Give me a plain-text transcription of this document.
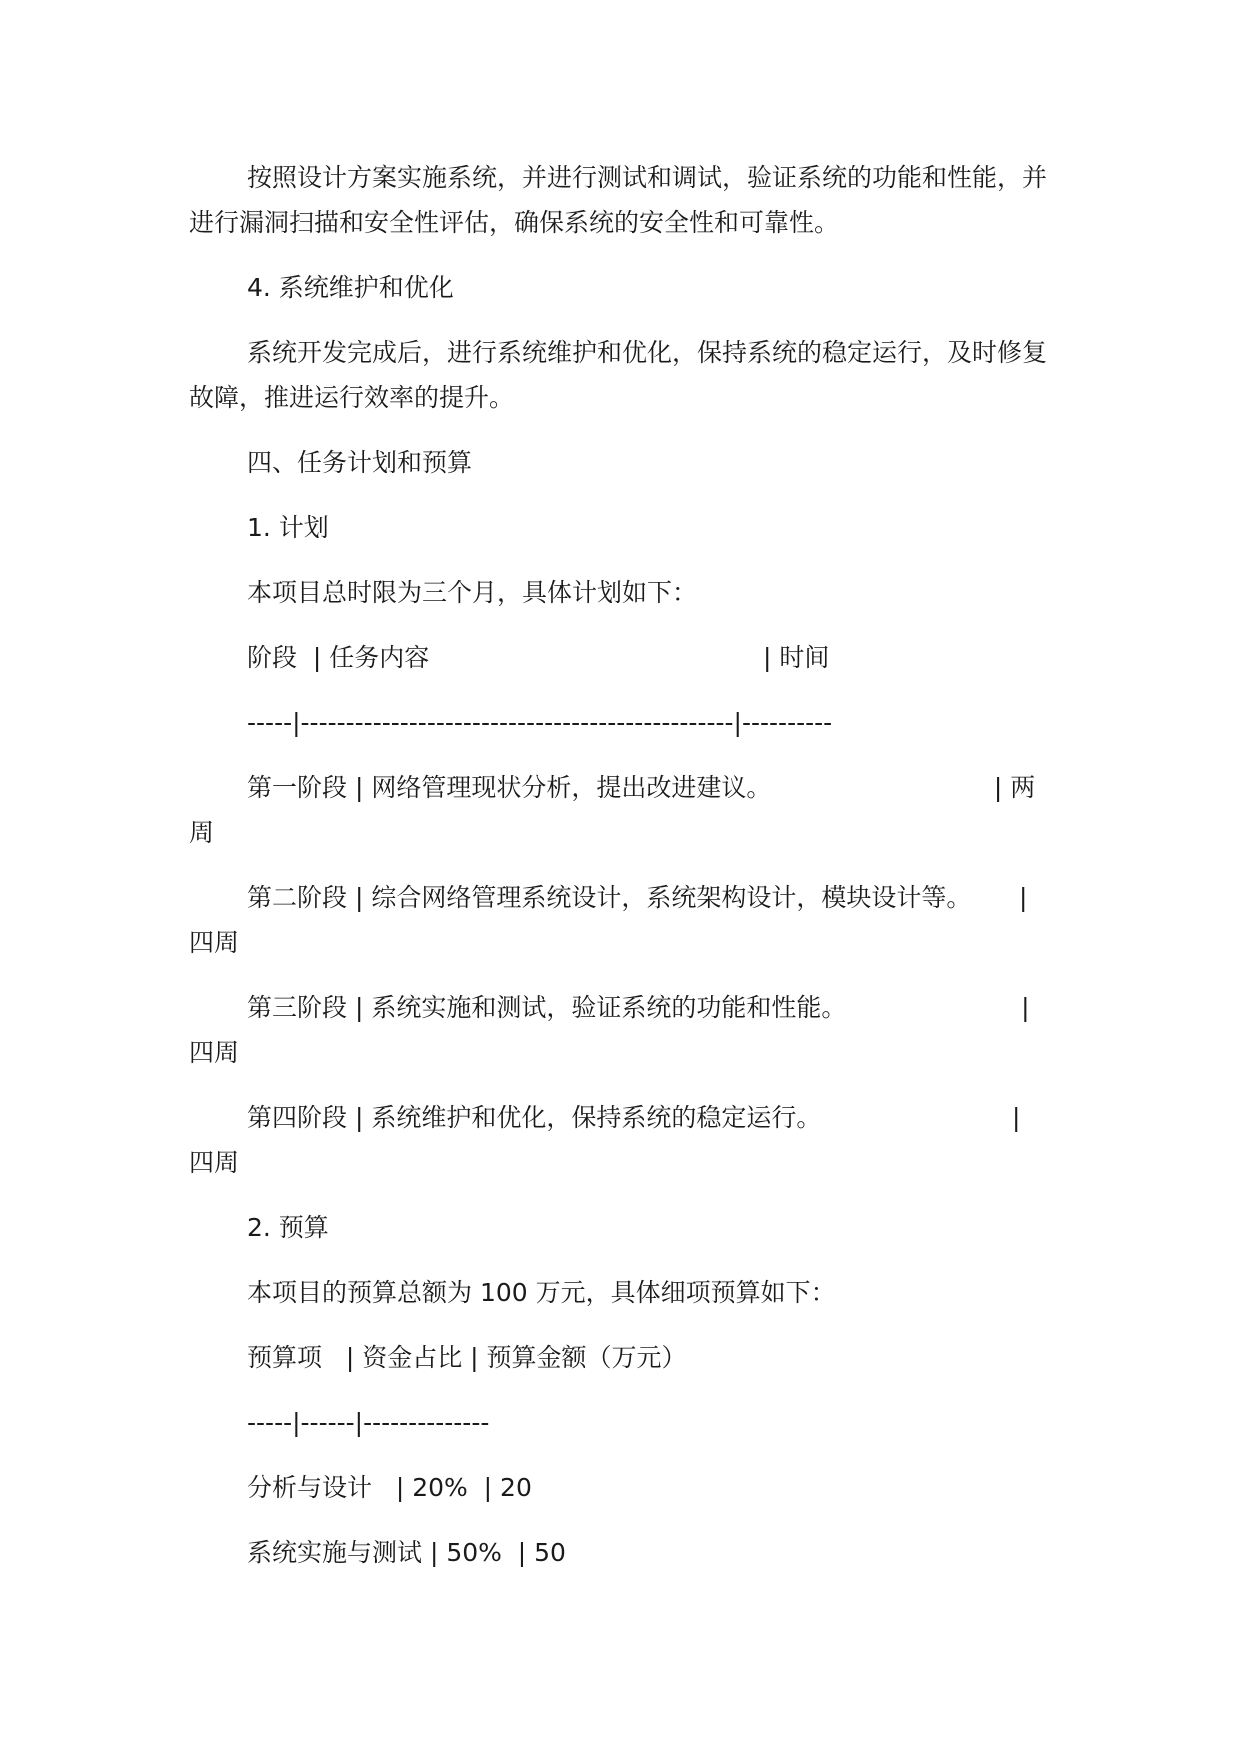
按照设计方案实施系统，并进行测试和调试，验证系统的功能和性能，并进行漏洞扫描和安全性评估，确保系统的安全性和可靠性。

4. 系统维护和优化

系统开发完成后，进行系统维护和优化，保持系统的稳定运行，及时修复故障，推进运行效率的提升。

四、任务计划和预算

1. 计划

本项目总时限为三个月，具体计划如下：

阶段  | 任务内容                                          | 时间

-----|------------------------------------------------|----------

第一阶段 | 网络管理现状分析，提出改进建议。                            | 两周

第二阶段 | 综合网络管理系统设计，系统架构设计，模块设计等。      | 四周

第三阶段 | 系统实施和测试，验证系统的功能和性能。                      | 四周

第四阶段 | 系统维护和优化，保持系统的稳定运行。                        | 四周

2. 预算

本项目的预算总额为 100 万元，具体细项预算如下：

预算项   | 资金占比 | 预算金额（万元）

-----|------|--------------

分析与设计   | 20%  | 20

系统实施与测试 | 50%  | 50
